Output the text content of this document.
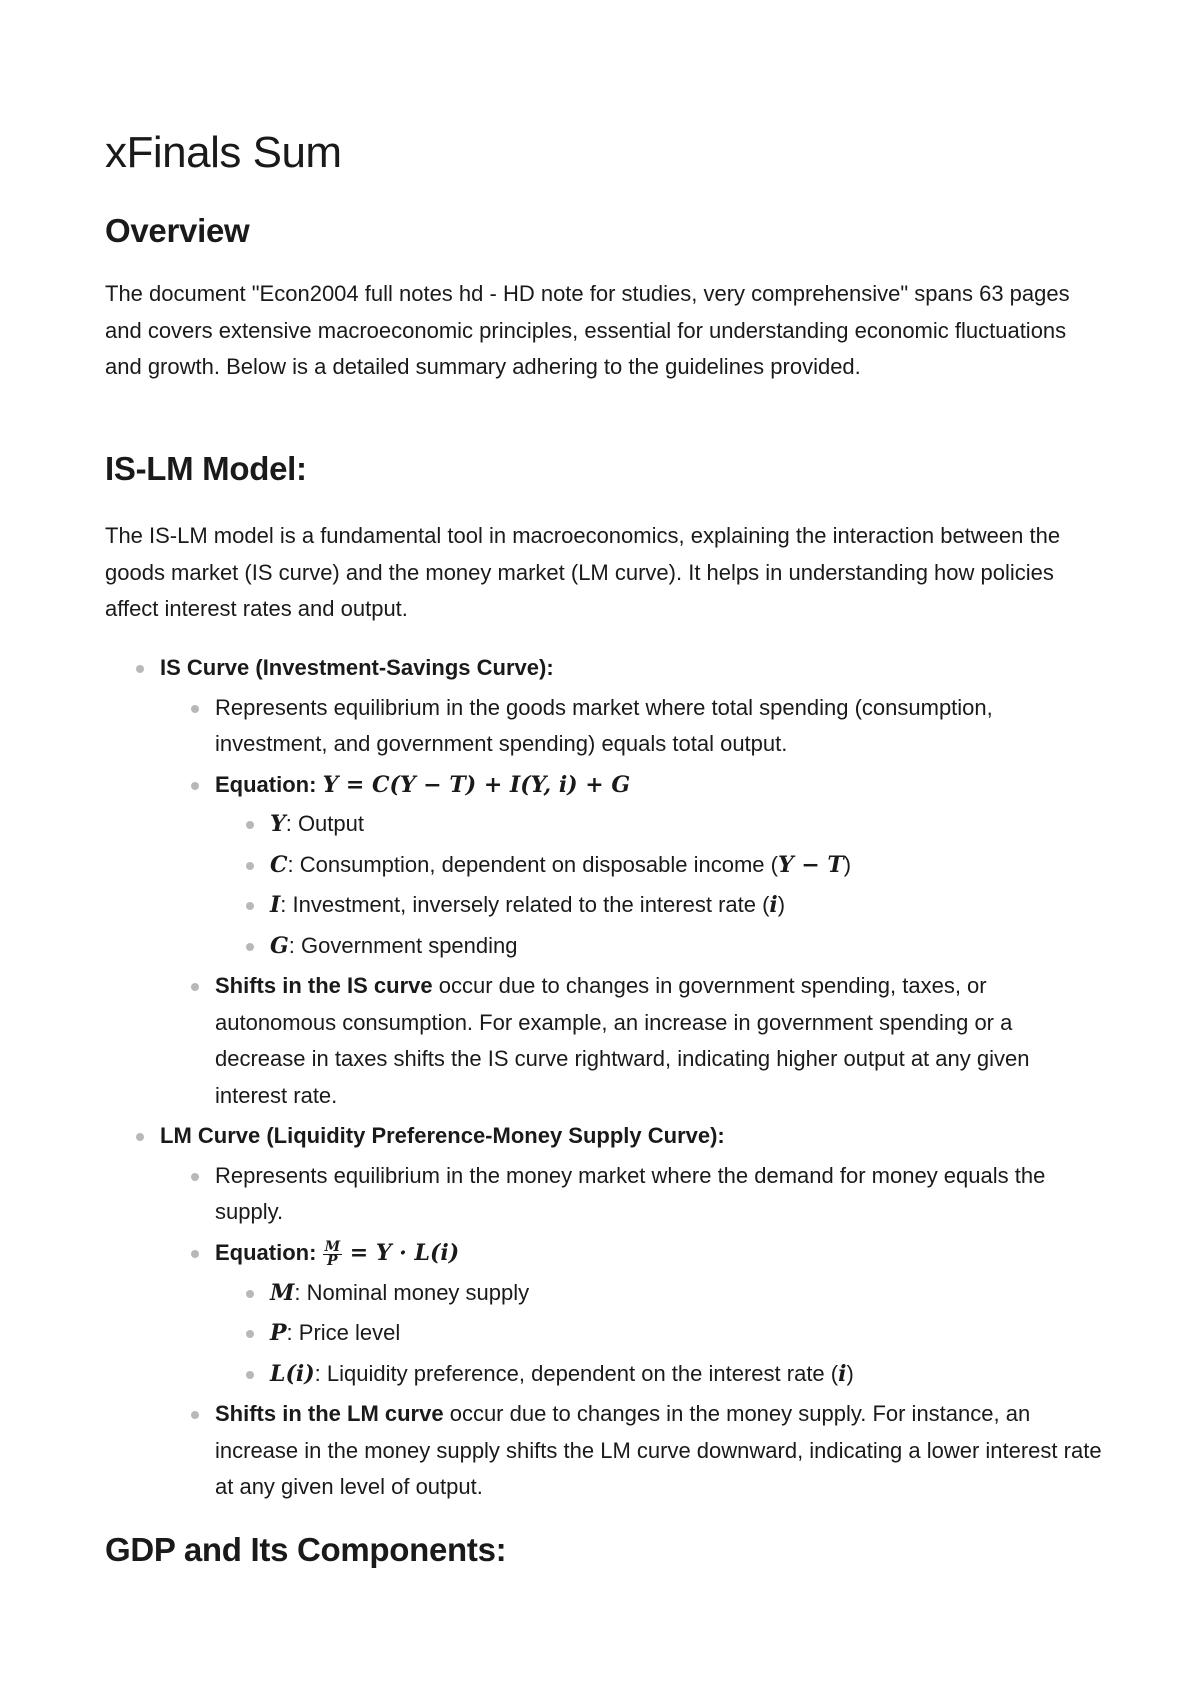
xFinals Sum
Overview

The document "Econ2004 full notes hd - HD note for studies, very comprehensive" spans 63 pages and covers extensive macroeconomic principles, essential for understanding economic fluctuations and growth. Below is a detailed summary adhering to the guidelines provided.

IS-LM Model:

The IS-LM model is a fundamental tool in macroeconomics, explaining the interaction between the goods market (IS curve) and the money market (LM curve). It helps in understanding how policies affect interest rates and output.

IS Curve (Investment-Savings Curve):
Represents equilibrium in the goods market where total spending (consumption, investment, and government spending) equals total output.
Equation: Y = C(Y − T) + I(Y, i) + G
Y: Output
C: Consumption, dependent on disposable income (Y − T)
I: Investment, inversely related to the interest rate (i)
G: Government spending
Shifts in the IS curve occur due to changes in government spending, taxes, or autonomous consumption. For example, an increase in government spending or a decrease in taxes shifts the IS curve rightward, indicating higher output at any given interest rate.
LM Curve (Liquidity Preference-Money Supply Curve):
Represents equilibrium in the money market where the demand for money equals the supply.
Equation: $\frac{M}{P} = Y \cdot L(i)$
M: Nominal money supply
P: Price level
L(i): Liquidity preference, dependent on the interest rate (i)
Shifts in the LM curve occur due to changes in the money supply. For instance, an increase in the money supply shifts the LM curve downward, indicating a lower interest rate at any given level of output.
GDP and Its Components:
